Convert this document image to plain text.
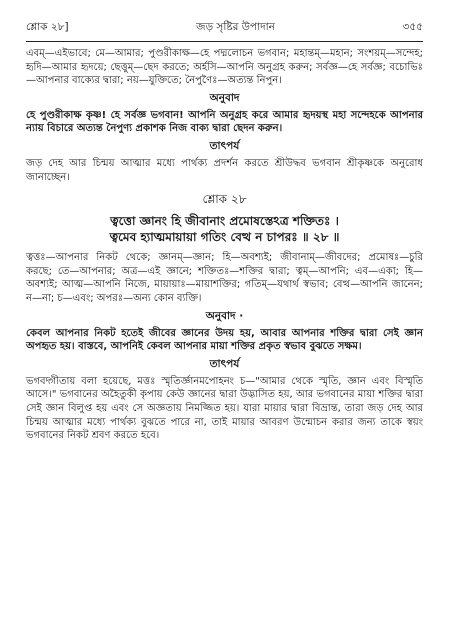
শ্লোক ২৮]	জড় সৃষ্টির উপাদান	৩৫৫

এবম্—এইভাবে; মে—আমার; পুণ্ডরীকাক্ষ—হে পদ্মলোচন ভগবান; মহান্তম্—মহান; সংশয়ম্—সন্দেহ; হৃদি—আমার হৃদয়ে; ছেত্তুম্—ছেদ করতে; অর্হসি—আপনি অনুগ্রহ করুন; সর্বজ্ঞ—হে সর্বজ্ঞ; বচোভিঃ—আপনার বাক্যের দ্বারা; নয়—যুক্তিতে; নৈপুণৈঃ—অত্যন্ত নিপুন।

অনুবাদ

হে পুণ্ডরীকাক্ষ কৃষ্ণ! হে সর্বজ্ঞ ভগবান! আপনি অনুগ্রহ করে আমার হৃদয়স্থ মহা সন্দেহকে আপনার ন্যায় বিচারে অত্যন্ত নৈপুণ্য প্রকাশক নিজ বাক্য দ্বারা ছেদন করুন।

তাৎপর্য

জড় দেহ আর চিন্ময় আত্মার মধ্যে পার্থক্য প্রদর্শন করতে শ্রীউদ্ধব ভগবান শ্রীকৃষ্ণকে অনুরোধ জানাচ্ছেন।

শ্লোক ২৮

ত্বত্তো জ্ঞানং হি জীবানাং প্রমোষস্তেঽত্র শক্তিতঃ ।

ত্বমেব হ্যাত্মমায়ায়া গতিং বেত্থ ন চাপরঃ ॥ ২৮ ॥

ত্বত্তঃ—আপনার নিকট থেকে; জ্ঞানম্—জ্ঞান; হি—অবশ্যই; জীবানাম্—জীবদের; প্রমোষঃ—চুরি করছে; তে—আপনার; অত্র—এই জ্ঞানে; শক্তিতঃ—শক্তির দ্বারা; ত্বম্—আপনি; এব—একা; হি—অবশ্যই; আত্ম—আপনি নিজে, মায়ায়াঃ—মায়াশক্তির; গতিম্—যথার্থ স্বভাব; বেত্থ—আপনি জানেন; ন—না; চ—এবং; অপরঃ—অন্য কোন ব্যক্তি।

অনুবাদ ·

কেবল আপনার নিকট হতেই জীবের জ্ঞানের উদয় হয়, আবার আপনার শক্তির দ্বারা সেই জ্ঞান অপহৃত হয়। বাস্তবে, আপনিই কেবল আপনার মায়া শক্তির প্রকৃত স্বভাব বুঝতে সক্ষম।

তাৎপর্য

ভগবদ্গীতায় বলা হয়েছে, মত্তঃ স্মৃতির্জ্ঞানমপোহনং চ—"আমার থেকে স্মৃতি, জ্ঞান এবং বিস্মৃতি আসে।" ভগবানের অহৈতুকী কৃপায় কেউ জ্ঞানের দ্বারা উদ্ভাসিত হয়, আর ভগবানের মায়া শক্তির দ্বারা সেই জ্ঞান বিলুপ্ত হয় এবং সে অজ্ঞতায় নিমজ্জিত হয়। যারা মায়ার দ্বারা বিভ্রান্ত, তারা জড় দেহ আর চিন্ময় আত্মার মধ্যে পার্থক্য বুঝতে পারে না, তাই মায়ার আবরণ উন্মোচন করার জন্য তাকে স্বয়ং ভগবানের নিকট শ্রবণ করতে হবে।
